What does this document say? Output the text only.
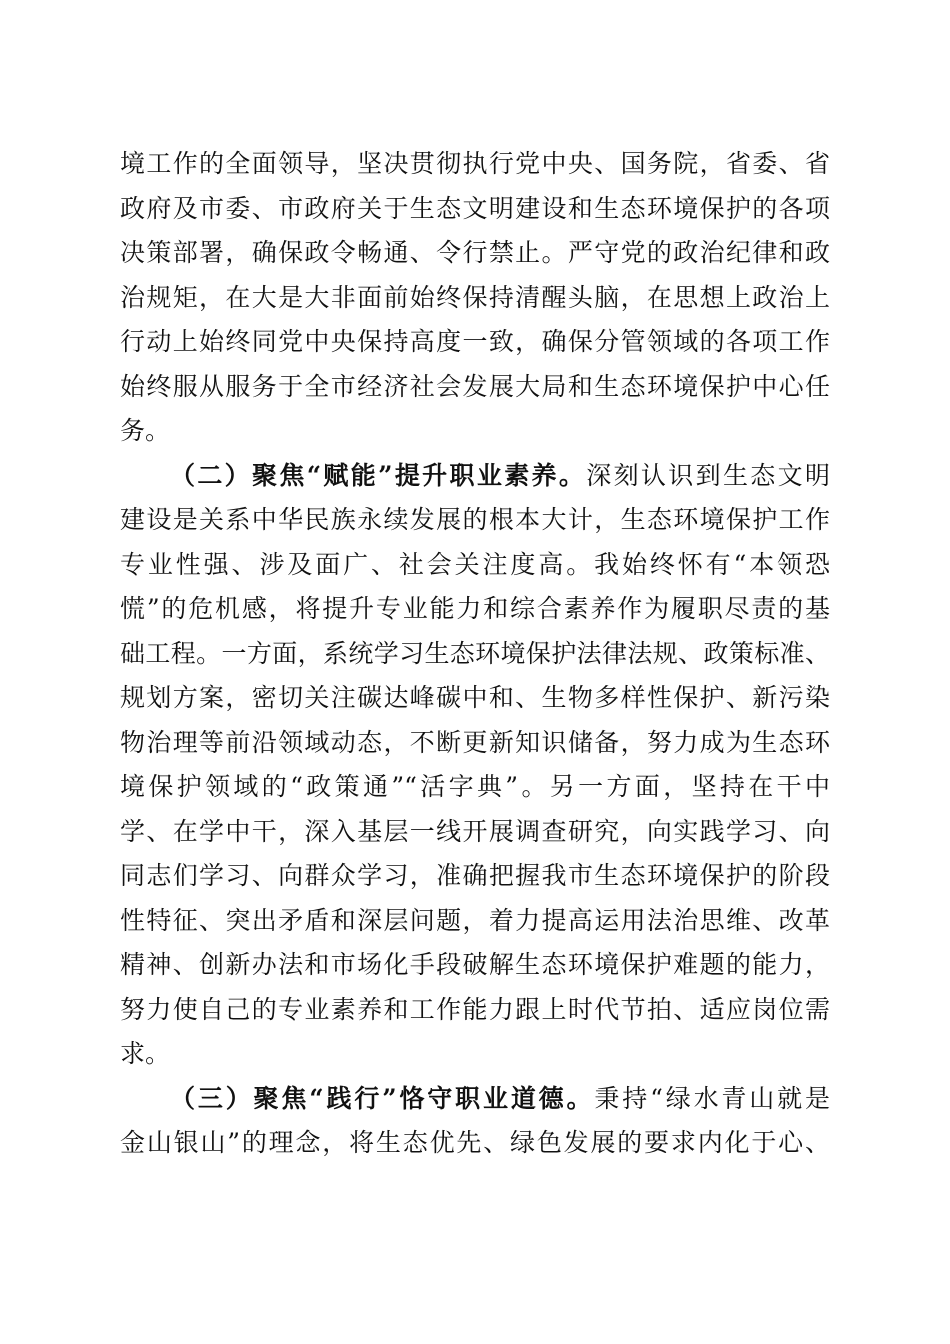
境工作的全面领导，坚决贯彻执行党中央、国务院，省委、省
政府及市委、市政府关于生态文明建设和生态环境保护的各项
决策部署，确保政令畅通、令行禁止。严守党的政治纪律和政
治规矩，在大是大非面前始终保持清醒头脑，在思想上政治上
行动上始终同党中央保持高度一致，确保分管领域的各项工作
始终服从服务于全市经济社会发展大局和生态环境保护中心任
务。
（二）聚焦“赋能”提升职业素养。深刻认识到生态文明
建设是关系中华民族永续发展的根本大计，生态环境保护工作
专业性强、涉及面广、社会关注度高。我始终怀有“本领恐
慌”的危机感，将提升专业能力和综合素养作为履职尽责的基
础工程。一方面，系统学习生态环境保护法律法规、政策标准、
规划方案，密切关注碳达峰碳中和、生物多样性保护、新污染
物治理等前沿领域动态，不断更新知识储备，努力成为生态环
境保护领域的“政策通”“活字典”。另一方面，坚持在干中
学、在学中干，深入基层一线开展调查研究，向实践学习、向
同志们学习、向群众学习，准确把握我市生态环境保护的阶段
性特征、突出矛盾和深层问题，着力提高运用法治思维、改革
精神、创新办法和市场化手段破解生态环境保护难题的能力，
努力使自己的专业素养和工作能力跟上时代节拍、适应岗位需
求。
（三）聚焦“践行”恪守职业道德。秉持“绿水青山就是
金山银山”的理念，将生态优先、绿色发展的要求内化于心、
